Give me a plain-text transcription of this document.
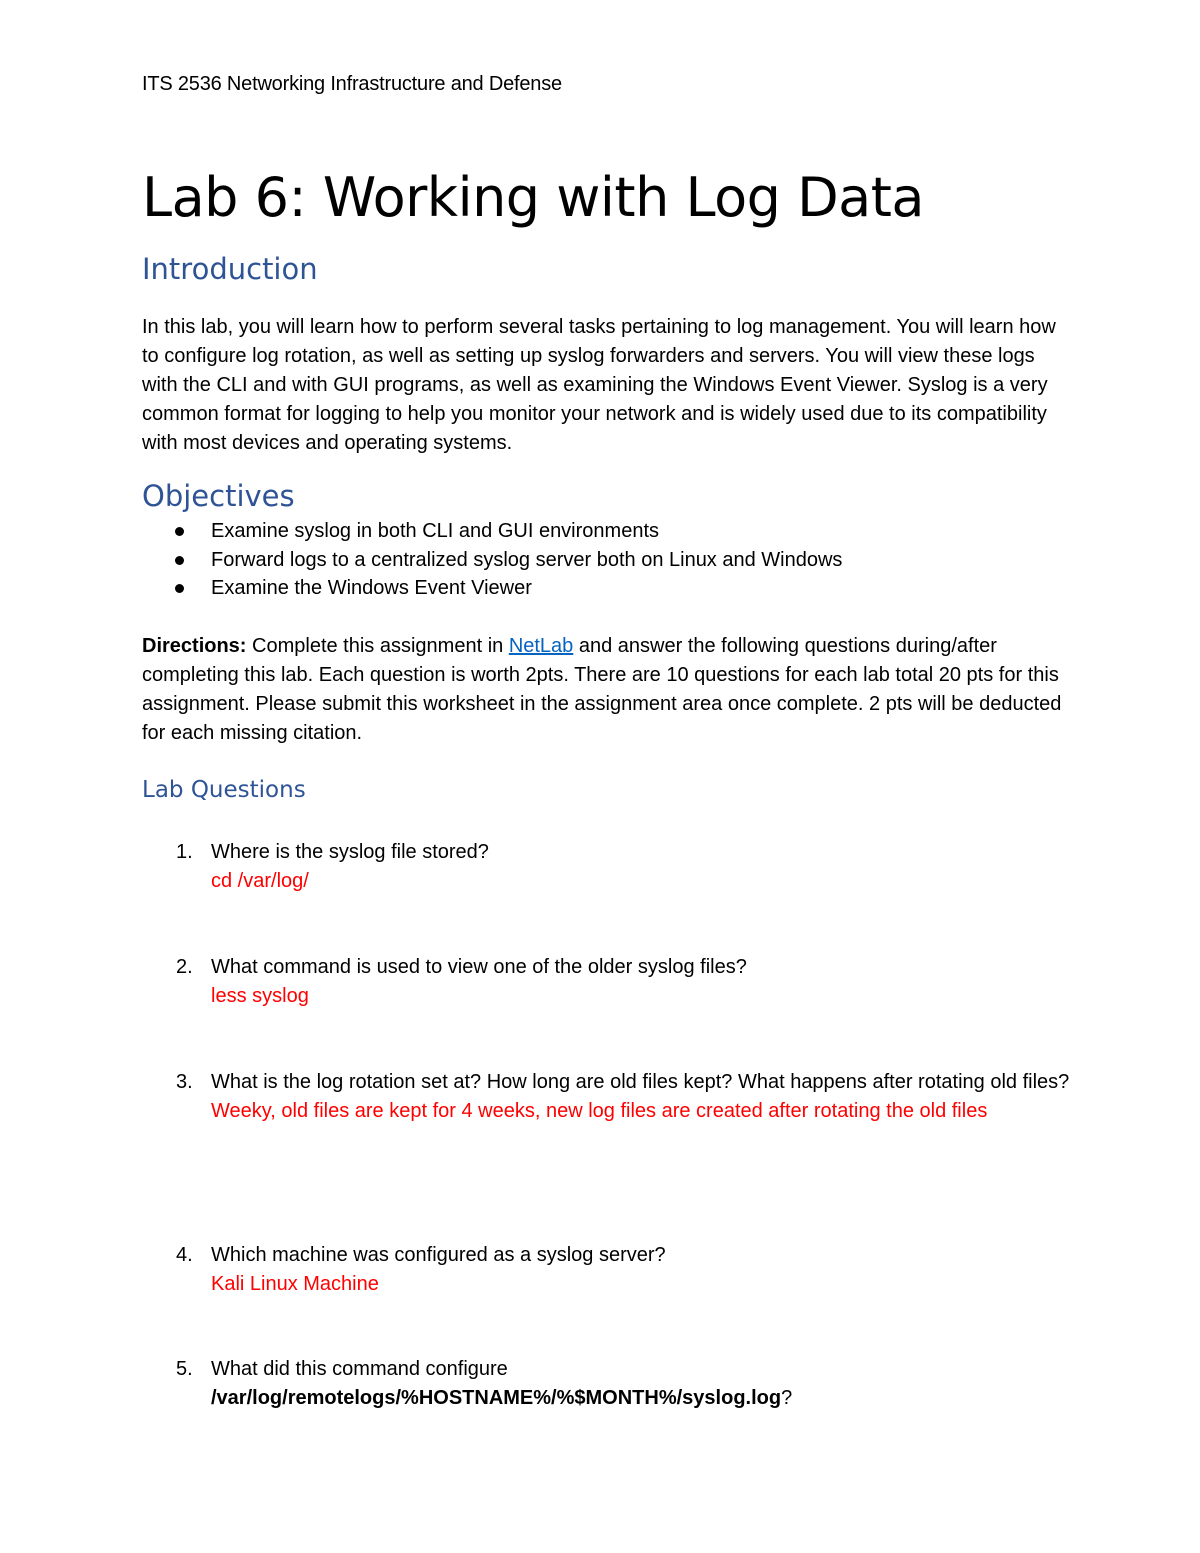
ITS 2536 Networking Infrastructure and Defense
Lab 6: Working with Log Data
Introduction

In this lab, you will learn how to perform several tasks pertaining to log management. You will learn how to configure log rotation, as well as setting up syslog forwarders and servers. You will view these logs with the CLI and with GUI programs, as well as examining the Windows Event Viewer. Syslog is a very common format for logging to help you monitor your network and is widely used due to its compatibility with most devices and operating systems.

Objectives
Examine syslog in both CLI and GUI environments
Forward logs to a centralized syslog server both on Linux and Windows
Examine the Windows Event Viewer

Directions: Complete this assignment in NetLab and answer the following questions during/after completing this lab. Each question is worth 2pts. There are 10 questions for each lab total 20 pts for this assignment. Please submit this worksheet in the assignment area once complete. 2 pts will be deducted for each missing citation.

Lab Questions
1. Where is the syslog file stored?
cd /var/log/
2. What command is used to view one of the older syslog files?
less syslog
3. What is the log rotation set at? How long are old files kept? What happens after rotating old files? Weeky, old files are kept for 4 weeks, new log files are created after rotating the old files
4. Which machine was configured as a syslog server?
Kali Linux Machine
5. What did this command configure
/var/log/remotelogs/%HOSTNAME%/%$MONTH%/syslog.log?
